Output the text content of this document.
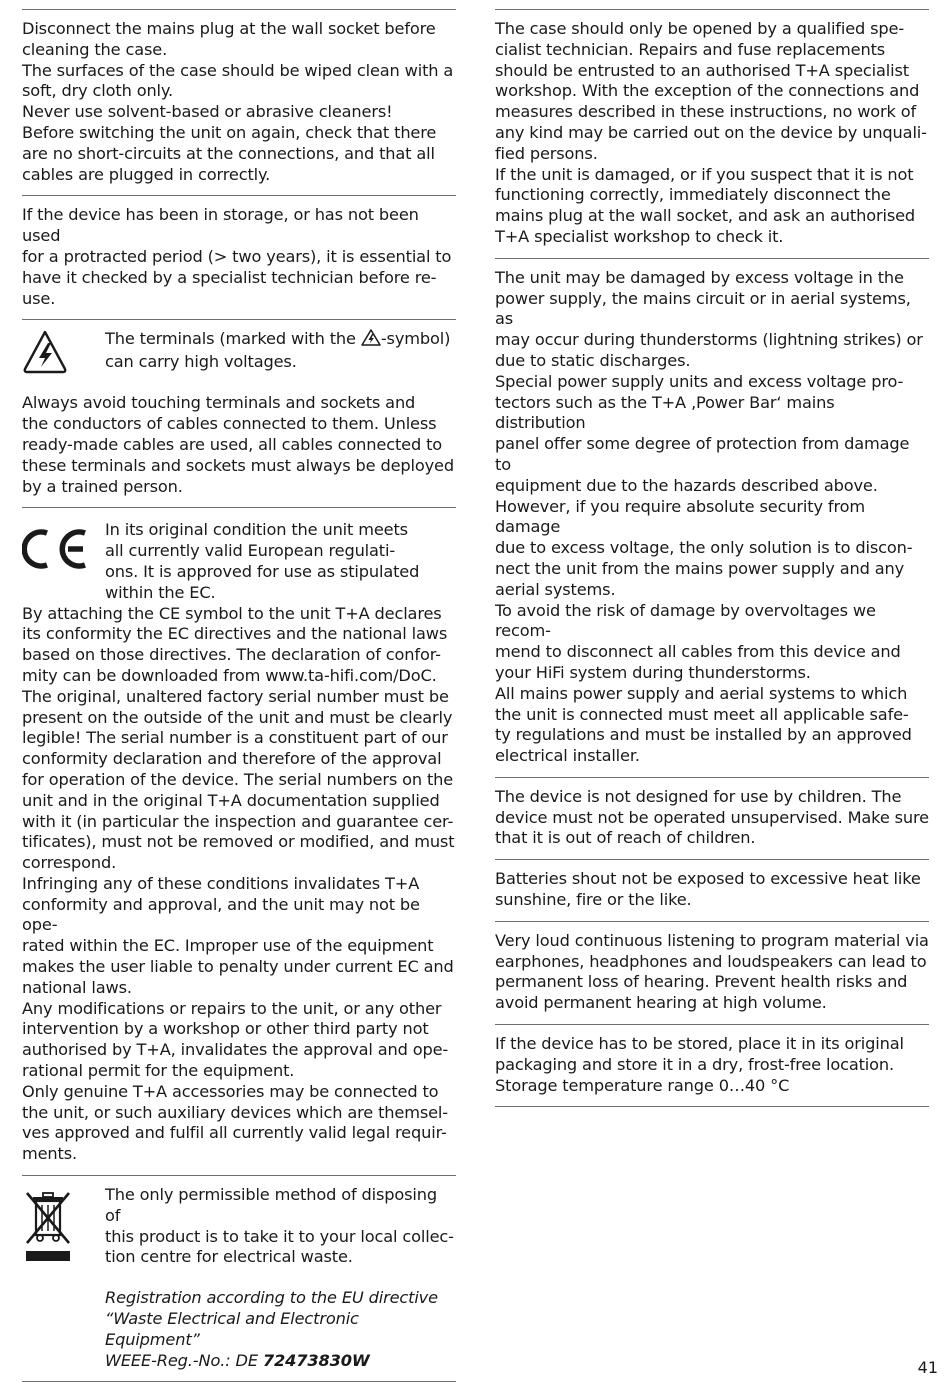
Disconnect the mains plug at the wall socket before
cleaning the case.
The surfaces of the case should be wiped clean with a
soft, dry cloth only.
Never use solvent-based or abrasive cleaners!
Before switching the unit on again, check that there
are no short-circuits at the connections, and that all
cables are plugged in correctly.

If the device has been in storage, or has not been used
for a protracted period (> two years), it is essential to
have it checked by a specialist technician before re-
use.

The terminals (marked with the -symbol)
can carry high voltages.

Always avoid touching terminals and sockets and
the conductors of cables connected to them. Unless
ready-made cables are used, all cables connected to
these terminals and sockets must always be deployed
by a trained person.

In its original condition the unit meets
all currently valid European regulati-
ons. It is approved for use as stipulated
within the EC.

By attaching the CE symbol to the unit T+A declares
its conformity the EC directives and the national laws
based on those directives. The declaration of confor-
mity can be downloaded from www.ta-hifi.com/DoC.
The original, unaltered factory serial number must be
present on the outside of the unit and must be clearly
legible! The serial number is a constituent part of our
conformity declaration and therefore of the approval
for operation of the device. The serial numbers on the
unit and in the original T+A documentation supplied
with it (in particular the inspection and guarantee cer-
tificates), must not be removed or modified, and must
correspond.
Infringing any of these conditions invalidates T+A
conformity and approval, and the unit may not be ope-
rated within the EC. Improper use of the equipment
makes the user liable to penalty under current EC and
national laws.
Any modifications or repairs to the unit, or any other
intervention by a workshop or other third party not
authorised by T+A, invalidates the approval and ope-
rational permit for the equipment.
Only genuine T+A accessories may be connected to
the unit, or such auxiliary devices which are themsel-
ves approved and fulfil all currently valid legal requir-
ments.

The only permissible method of disposing of
this product is to take it to your local collec-
tion centre for electrical waste.

Registration according to the EU directive
“Waste Electrical and Electronic Equipment”
WEEE-Reg.-No.: DE 72473830W

The case should only be opened by a qualified spe-
cialist technician. Repairs and fuse replacements
should be entrusted to an authorised T+A specialist
workshop. With the exception of the connections and
measures described in these instructions, no work of
any kind may be carried out on the device by unquali-
fied persons.
If the unit is damaged, or if you suspect that it is not
functioning correctly, immediately disconnect the
mains plug at the wall socket, and ask an authorised
T+A specialist workshop to check it.

The unit may be damaged by excess voltage in the
power supply, the mains circuit or in aerial systems, as
may occur during thunderstorms (lightning strikes) or
due to static discharges.
Special power supply units and excess voltage pro-
tectors such as the T+A ‚Power Bar‘ mains distribution
panel offer some degree of protection from damage to
equipment due to the hazards described above.
However, if you require absolute security from damage
due to excess voltage, the only solution is to discon-
nect the unit from the mains power supply and any
aerial systems.
To avoid the risk of damage by overvoltages we recom-
mend to disconnect all cables from this device and
your HiFi system during thunderstorms.
All mains power supply and aerial systems to which
the unit is connected must meet all applicable safe-
ty regulations and must be installed by an approved
electrical installer.

The device is not designed for use by children. The
device must not be operated unsupervised. Make sure
that it is out of reach of children.

Batteries shout not be exposed to excessive heat like
sunshine, fire or the like.

Very loud continuous listening to program material via
earphones, headphones and loudspeakers can lead to
permanent loss of hearing. Prevent health risks and
avoid permanent hearing at high volume.

If the device has to be stored, place it in its original
packaging and store it in a dry, frost-free location.
Storage temperature range 0…40 °C

41
